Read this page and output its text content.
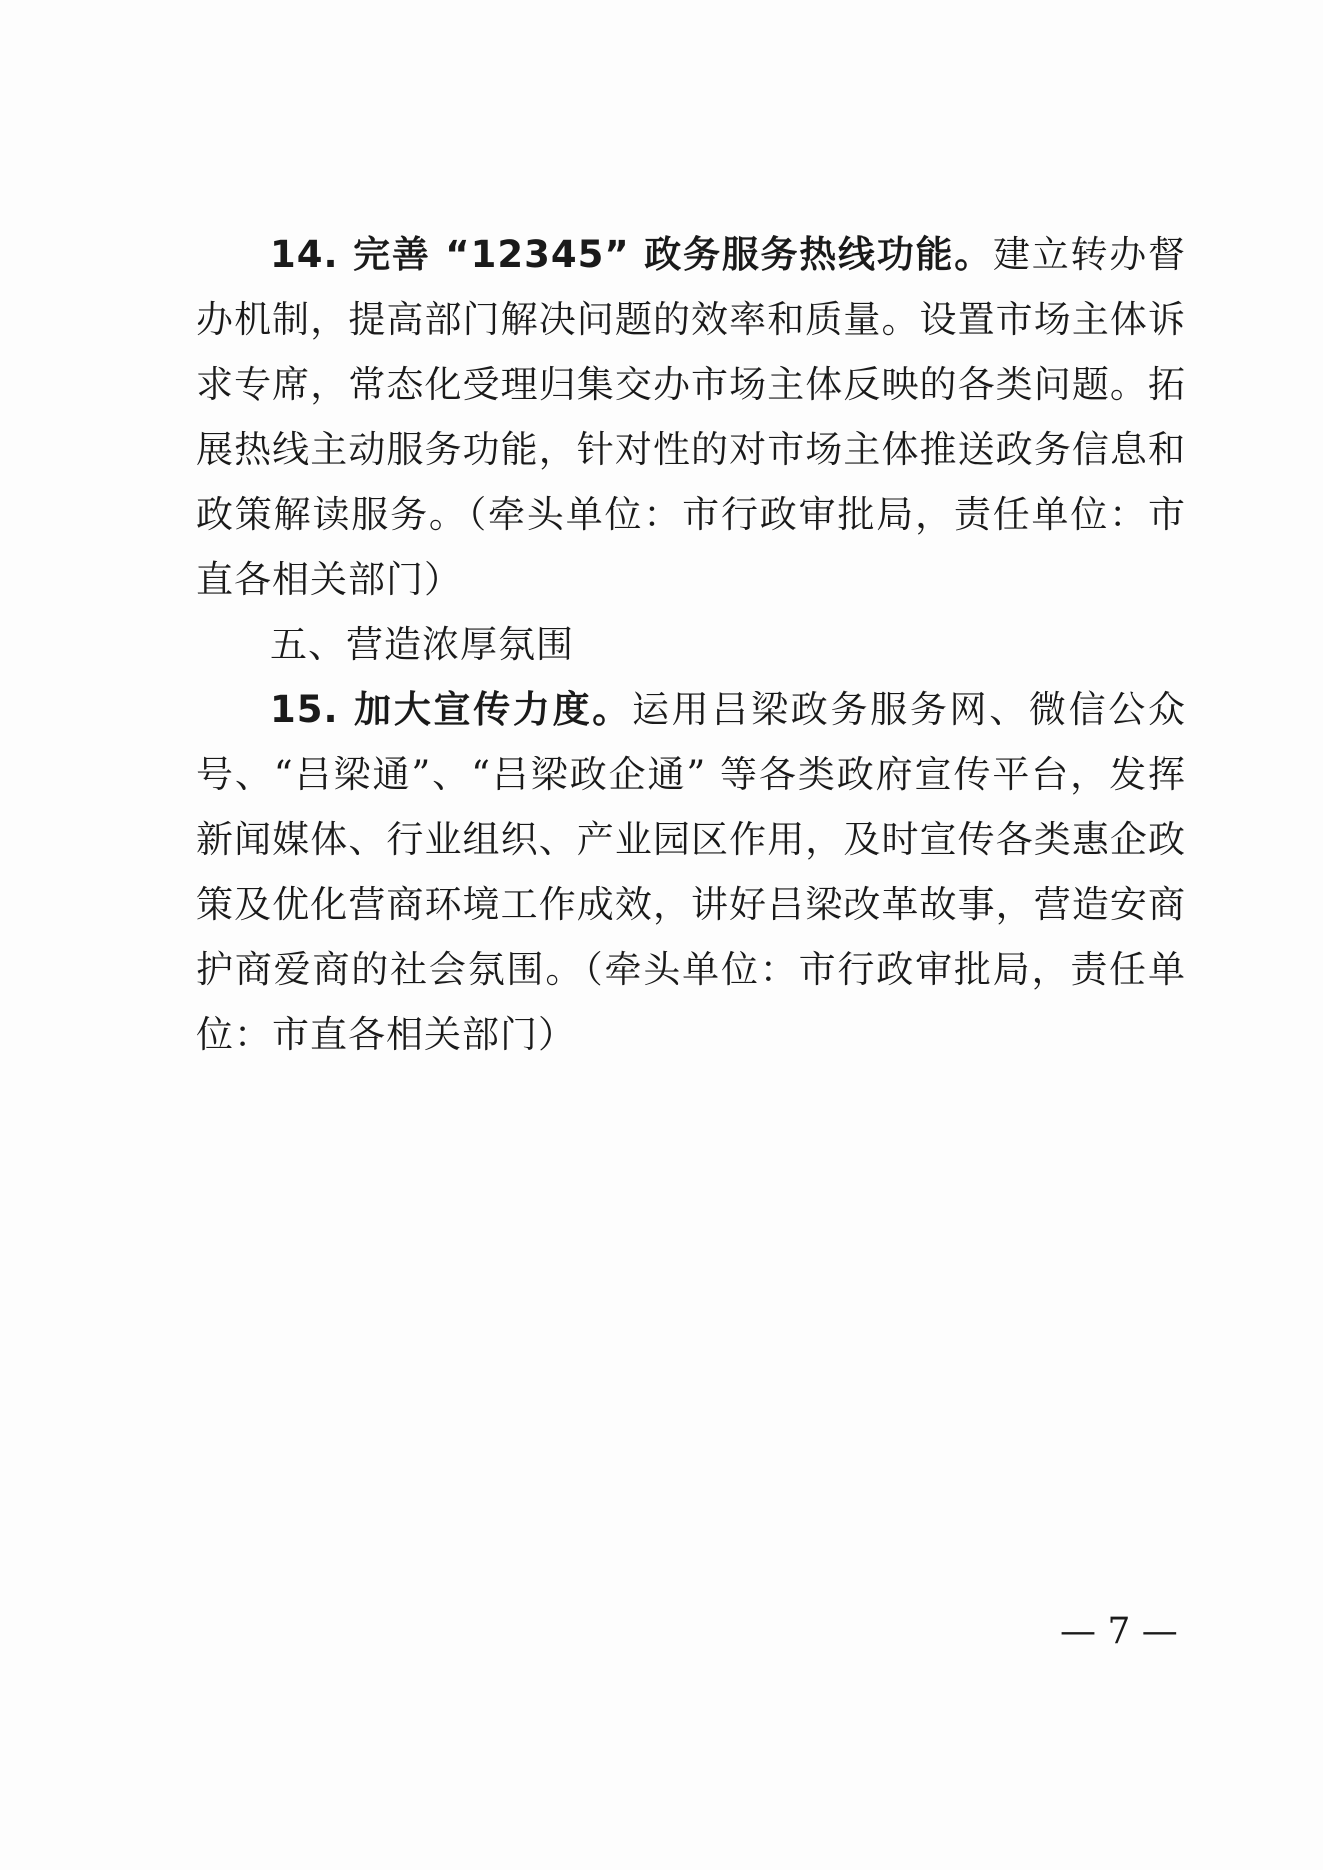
14. 完善 “12345” 政务服务热线功能。建立转办督办机制，提高部门解决问题的效率和质量。设置市场主体诉求专席，常态化受理归集交办市场主体反映的各类问题。拓展热线主动服务功能，针对性的对市场主体推送政务信息和政策解读服务。（牵头单位：市行政审批局，责任单位：市直各相关部门）

五、营造浓厚氛围

15. 加大宣传力度。运用吕梁政务服务网、微信公众号、“吕梁通”、“吕梁政企通” 等各类政府宣传平台，发挥新闻媒体、行业组织、产业园区作用，及时宣传各类惠企政策及优化营商环境工作成效，讲好吕梁改革故事，营造安商护商爱商的社会氛围。（牵头单位：市行政审批局，责任单位：市直各相关部门）

— 7 —
